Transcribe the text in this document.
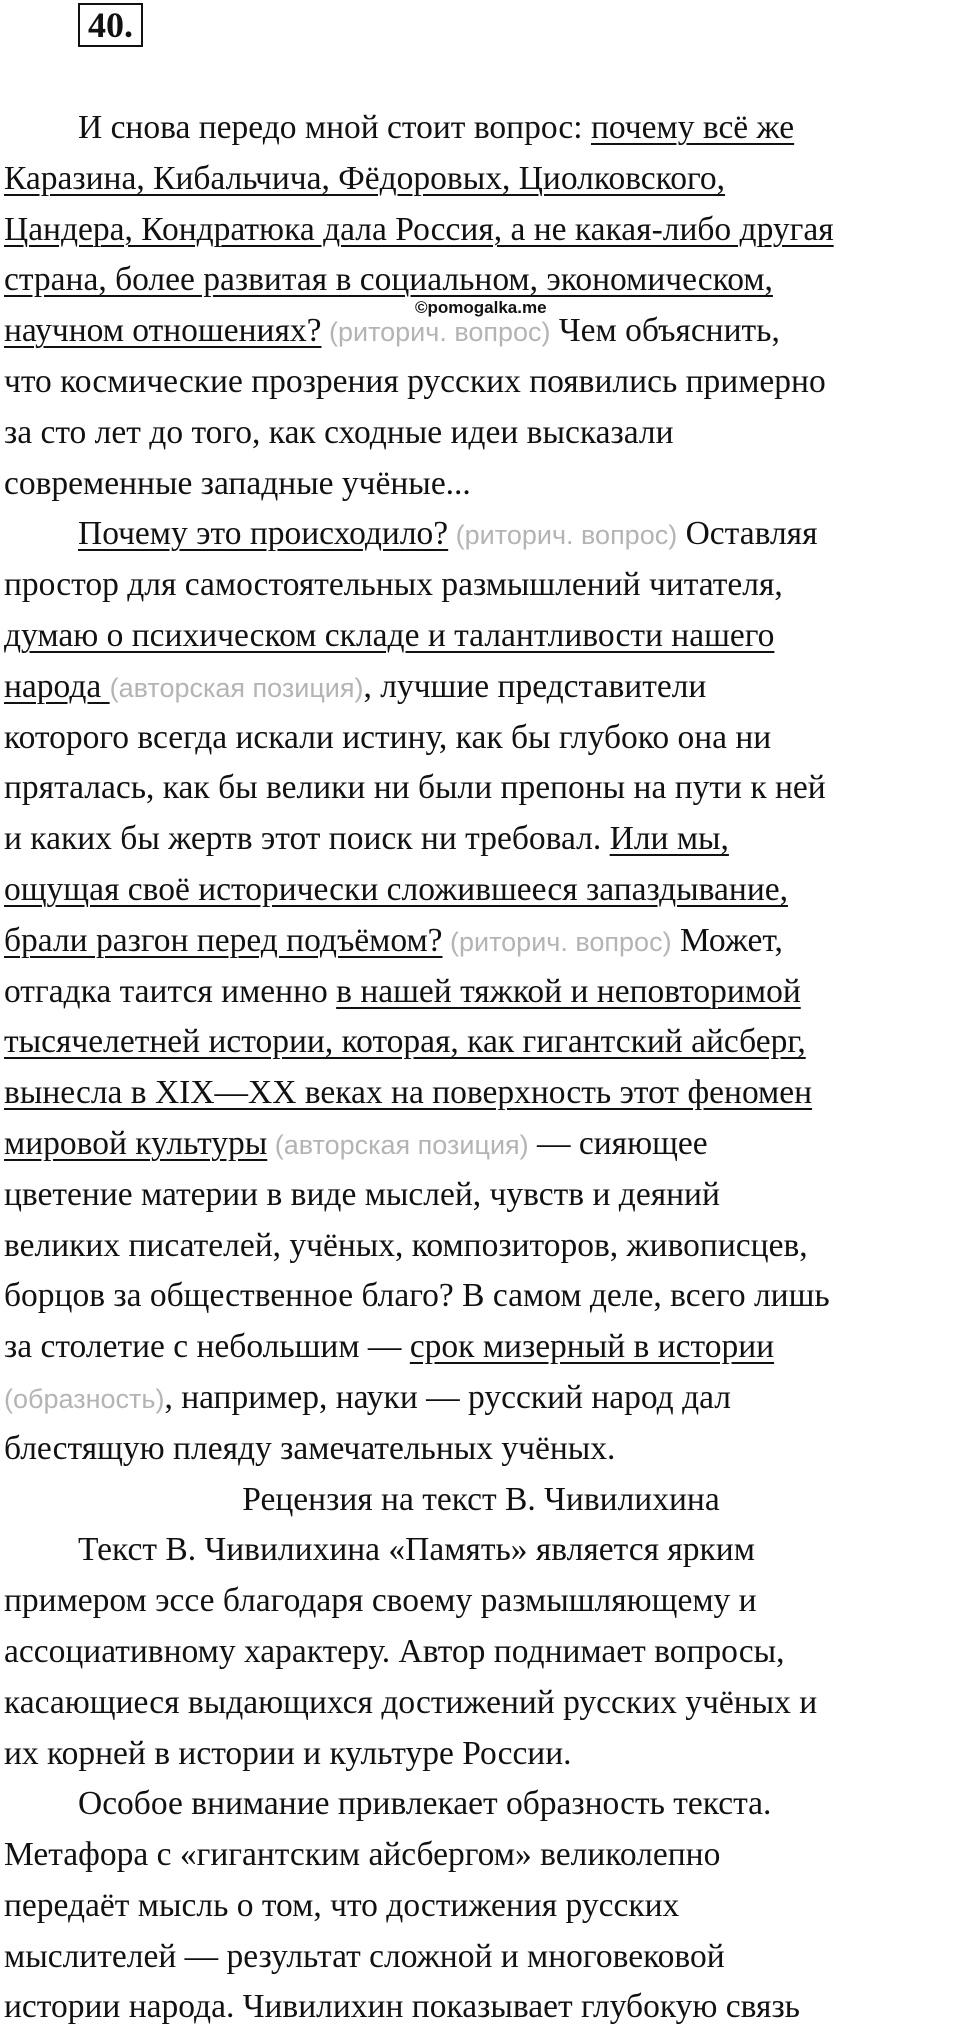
40.
©pomogalka.me
И снова передо мной стоит вопрос: почему всё же
Каразина, Кибальчича, Фёдоровых, Циолковского,
Цандера, Кондратюка дала Россия, а не какая-либо другая
страна, более развитая в социальном, экономическом,
научном отношениях? (риторич. вопрос) Чем объяснить,
что космические прозрения русских появились примерно
за сто лет до того, как сходные идеи высказали
современные западные учёные...
Почему это происходило? (риторич. вопрос) Оставляя
простор для самостоятельных размышлений читателя,
думаю о психическом складе и талантливости нашего
народа (авторская позиция), лучшие представители
которого всегда искали истину, как бы глубоко она ни
пряталась, как бы велики ни были препоны на пути к ней
и каких бы жертв этот поиск ни требовал. Или мы,
ощущая своё исторически сложившееся запаздывание,
брали разгон перед подъёмом? (риторич. вопрос) Может,
отгадка таится именно в нашей тяжкой и неповторимой
тысячелетней истории, которая, как гигантский айсберг,
вынесла в XIX—XX веках на поверхность этот феномен
мировой культуры (авторская позиция) — сияющее
цветение материи в виде мыслей, чувств и деяний
великих писателей, учёных, композиторов, живописцев,
борцов за общественное благо? В самом деле, всего лишь
за столетие с небольшим — срок мизерный в истории
(образность), например, науки — русский народ дал
блестящую плеяду замечательных учёных.
Рецензия на текст В. Чивилихина
Текст В. Чивилихина «Память» является ярким
примером эссе благодаря своему размышляющему и
ассоциативному характеру. Автор поднимает вопросы,
касающиеся выдающихся достижений русских учёных и
их корней в истории и культуре России.
Особое внимание привлекает образность текста.
Метафора с «гигантским айсбергом» великолепно
передаёт мысль о том, что достижения русских
мыслителей — результат сложной и многовековой
истории народа. Чивилихин показывает глубокую связь
